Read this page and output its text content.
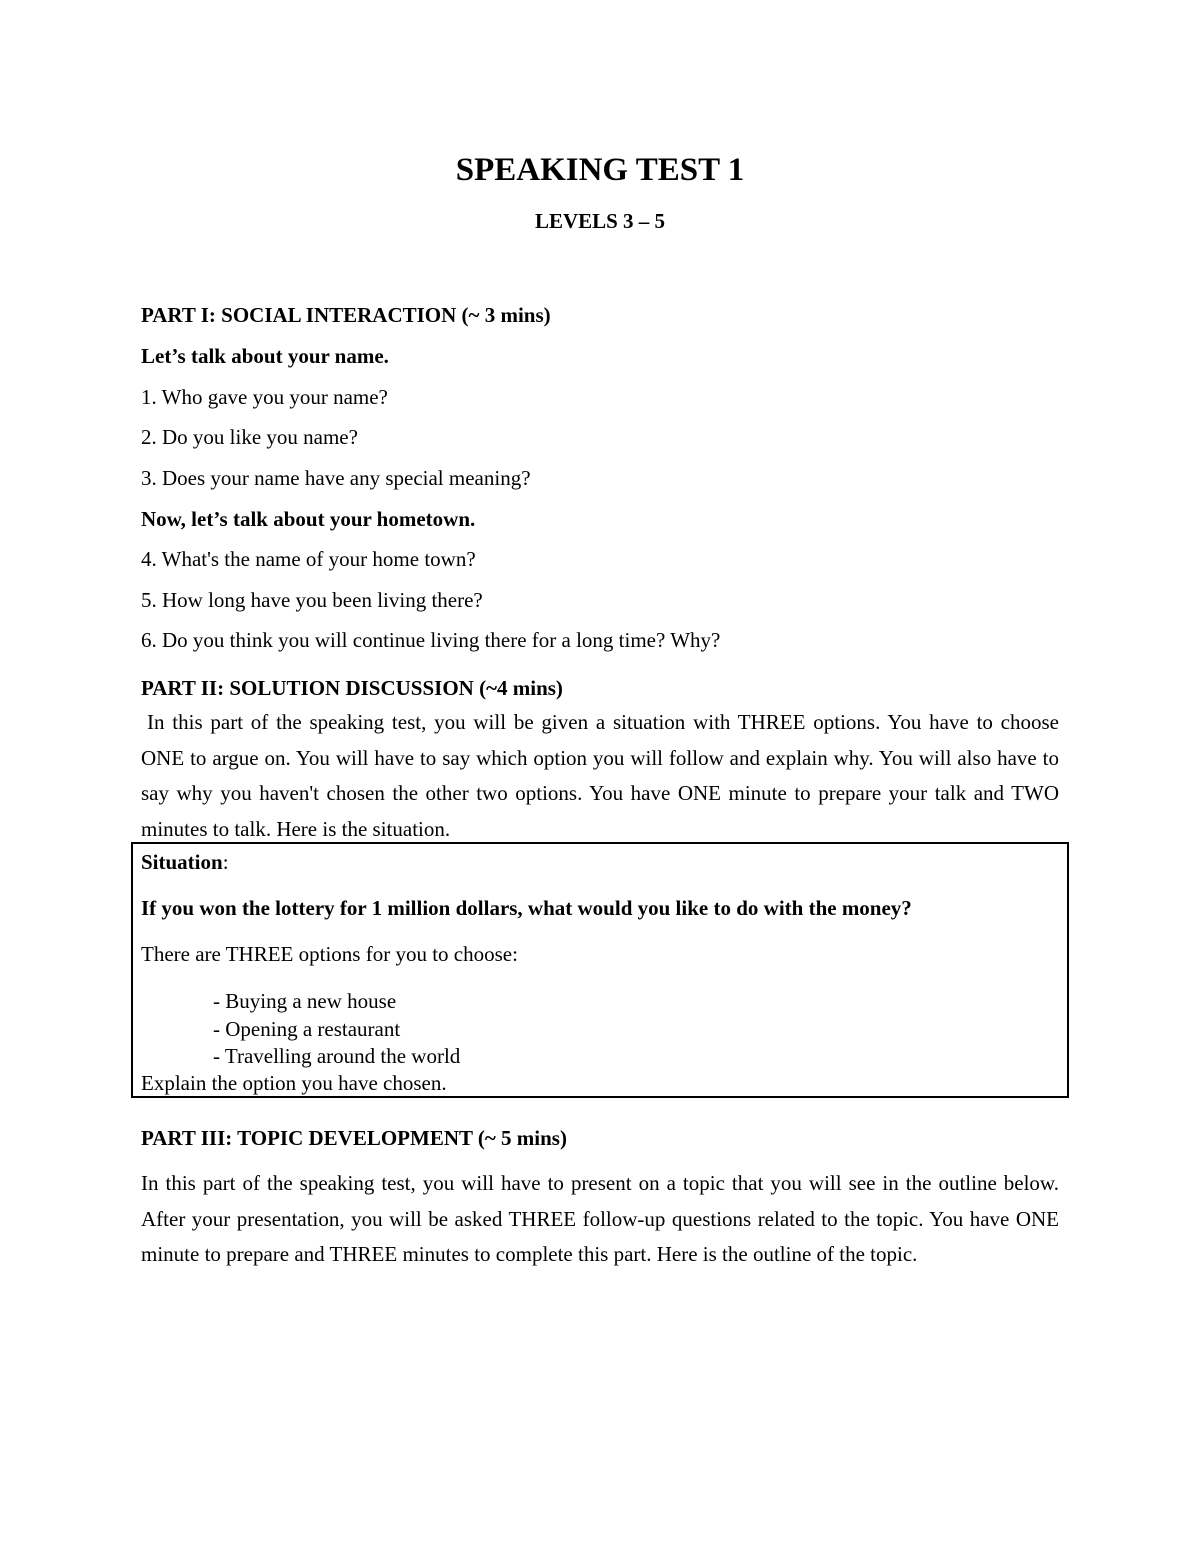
SPEAKING TEST 1
LEVELS 3 – 5
PART I: SOCIAL INTERACTION (~ 3 mins)
Let’s talk about your name.
1. Who gave you your name?
2. Do you like you name?
3. Does your name have any special meaning?
Now, let’s talk about your hometown.
4. What's the name of your home town?
5. How long have you been living there?
6. Do you think you will continue living there for a long time? Why?
PART II: SOLUTION DISCUSSION (~4 mins)
In this part of the speaking test, you will be given a situation with THREE options. You have to choose ONE to argue on. You will have to say which option you will follow and explain why. You will also have to say why you haven't chosen the other two options. You have ONE minute to prepare your talk and TWO minutes to talk. Here is the situation.
Situation:
If you won the lottery for 1 million dollars, what would you like to do with the money?
There are THREE options for you to choose:
- Buying a new house
- Opening a restaurant
- Travelling around the world
Explain the option you have chosen.
PART III: TOPIC DEVELOPMENT (~ 5 mins)
In this part of the speaking test, you will have to present on a topic that you will see in the outline below. After your presentation, you will be asked THREE follow-up questions related to the topic. You have ONE minute to prepare and THREE minutes to complete this part. Here is the outline of the topic.
